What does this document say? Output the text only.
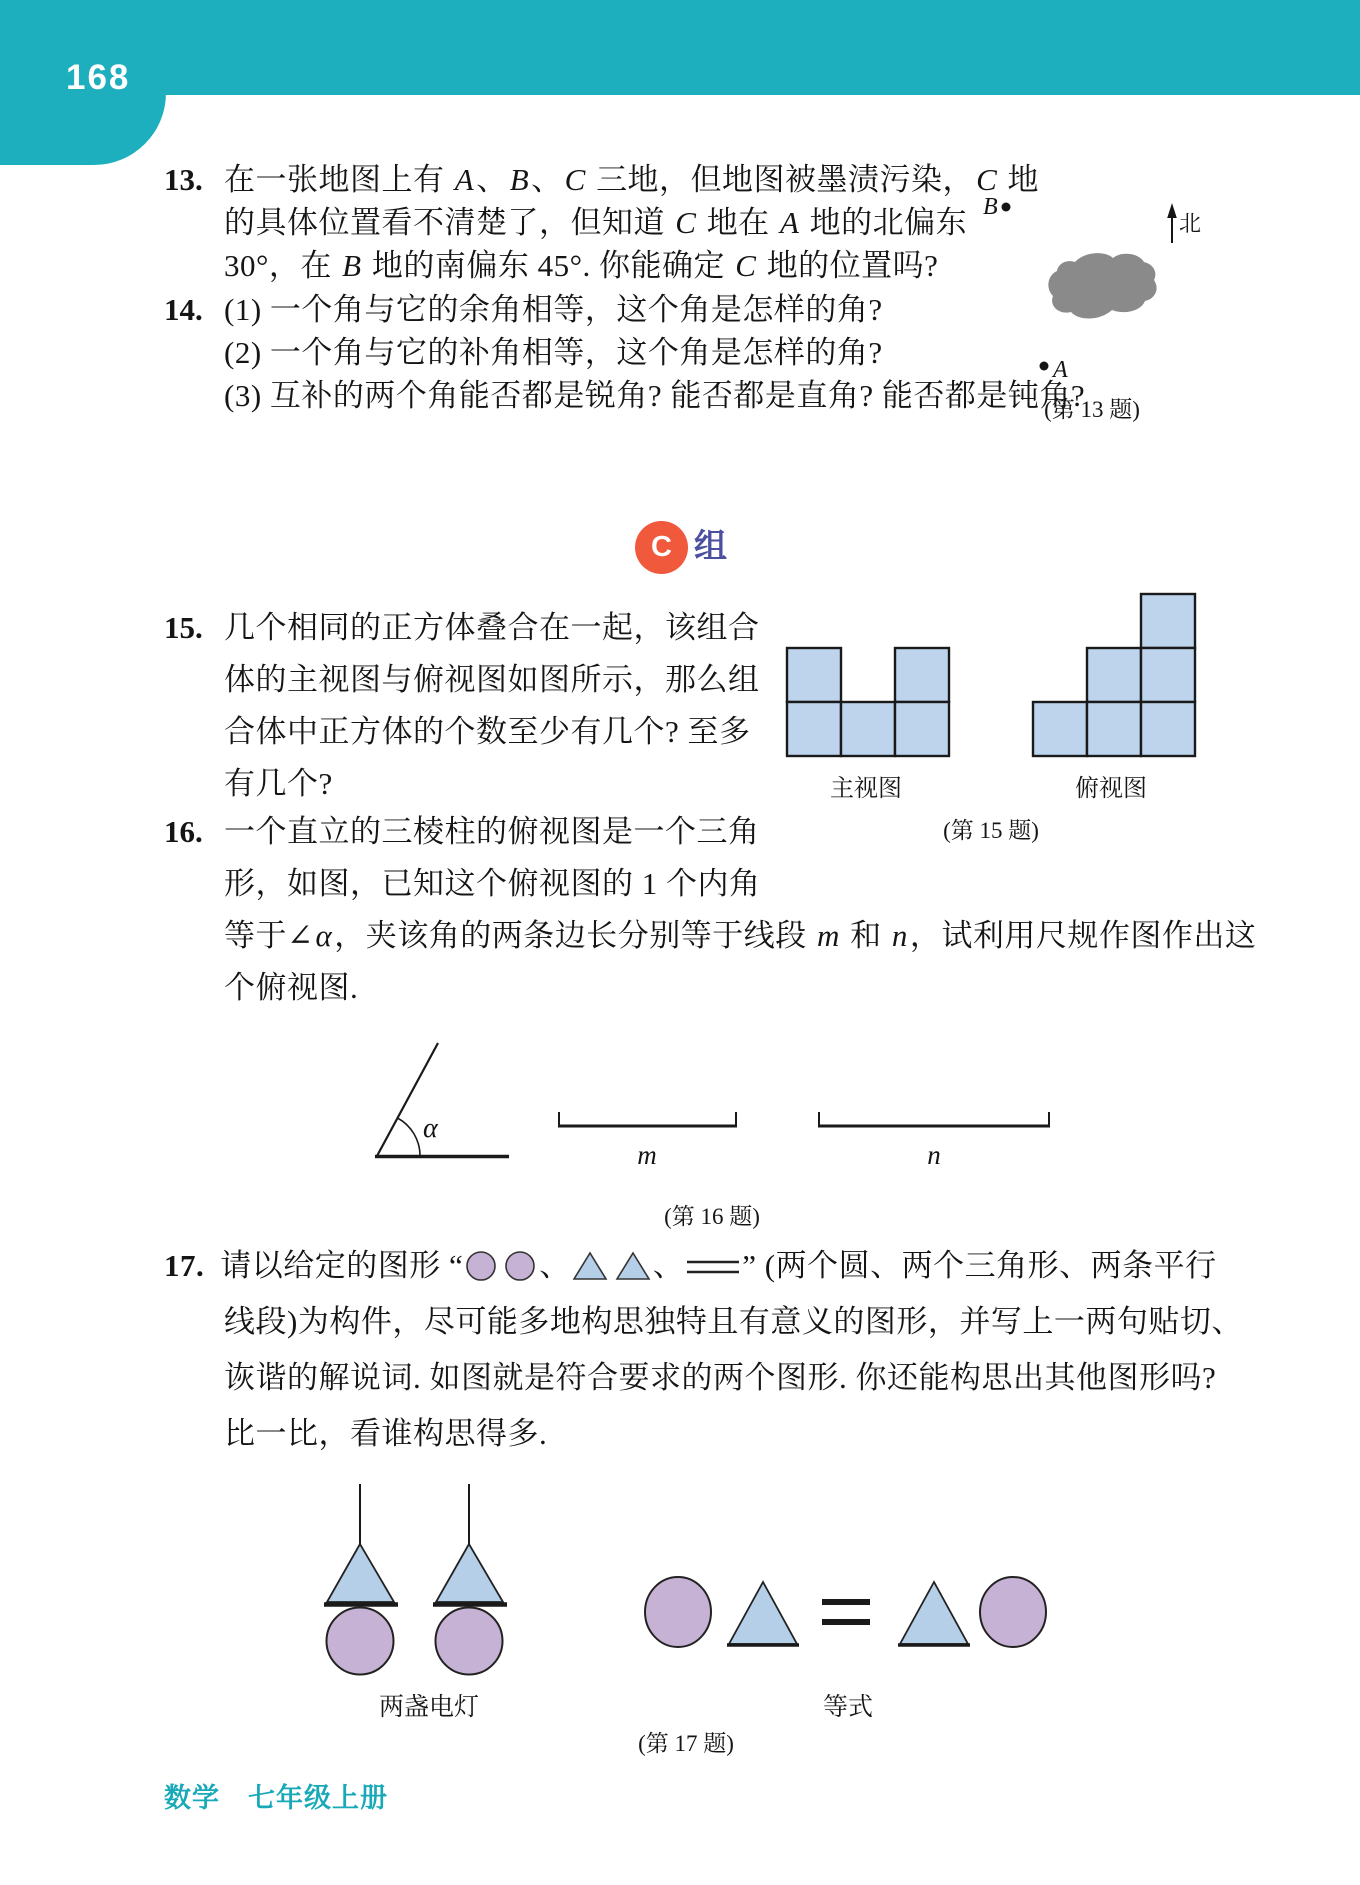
168
B
北
A
α
m	n
13. 在一张地图上有 A、B、C 三地，但地图被墨渍污染，C 地
的具体位置看不清楚了，但知道 C 地在 A 地的北偏东
30°，在 B 地的南偏东 45°. 你能确定 C 地的位置吗?
(第 13 题)
14. (1) 一个角与它的余角相等，这个角是怎样的角?
(2) 一个角与它的补角相等，这个角是怎样的角?
(3) 互补的两个角能否都是锐角? 能否都是直角? 能否都是钝角?
C 组
15. 几个相同的正方体叠合在一起，该组合
体的主视图与俯视图如图所示，那么组
合体中正方体的个数至少有几个? 至多
有几个?	主视图	俯视图
(第 15 题)
16. 一个直立的三棱柱的俯视图是一个三角
形，如图，已知这个俯视图的 1 个内角
等于∠α，夹该角的两条边长分别等于线段 m 和 n，试利用尺规作图作出这
个俯视图.
(第 16 题)
17. 请以给定的图形 “ 、	、 ” (两个圆、两个三角形、两条平行
线段)为构件，尽可能多地构思独特且有意义的图形，并写上一两句贴切、
诙谐的解说词. 如图就是符合要求的两个图形. 你还能构思出其他图形吗?
比一比，看谁构思得多.
两盏电灯	等式
(第 17 题)
数学　七年级上册
